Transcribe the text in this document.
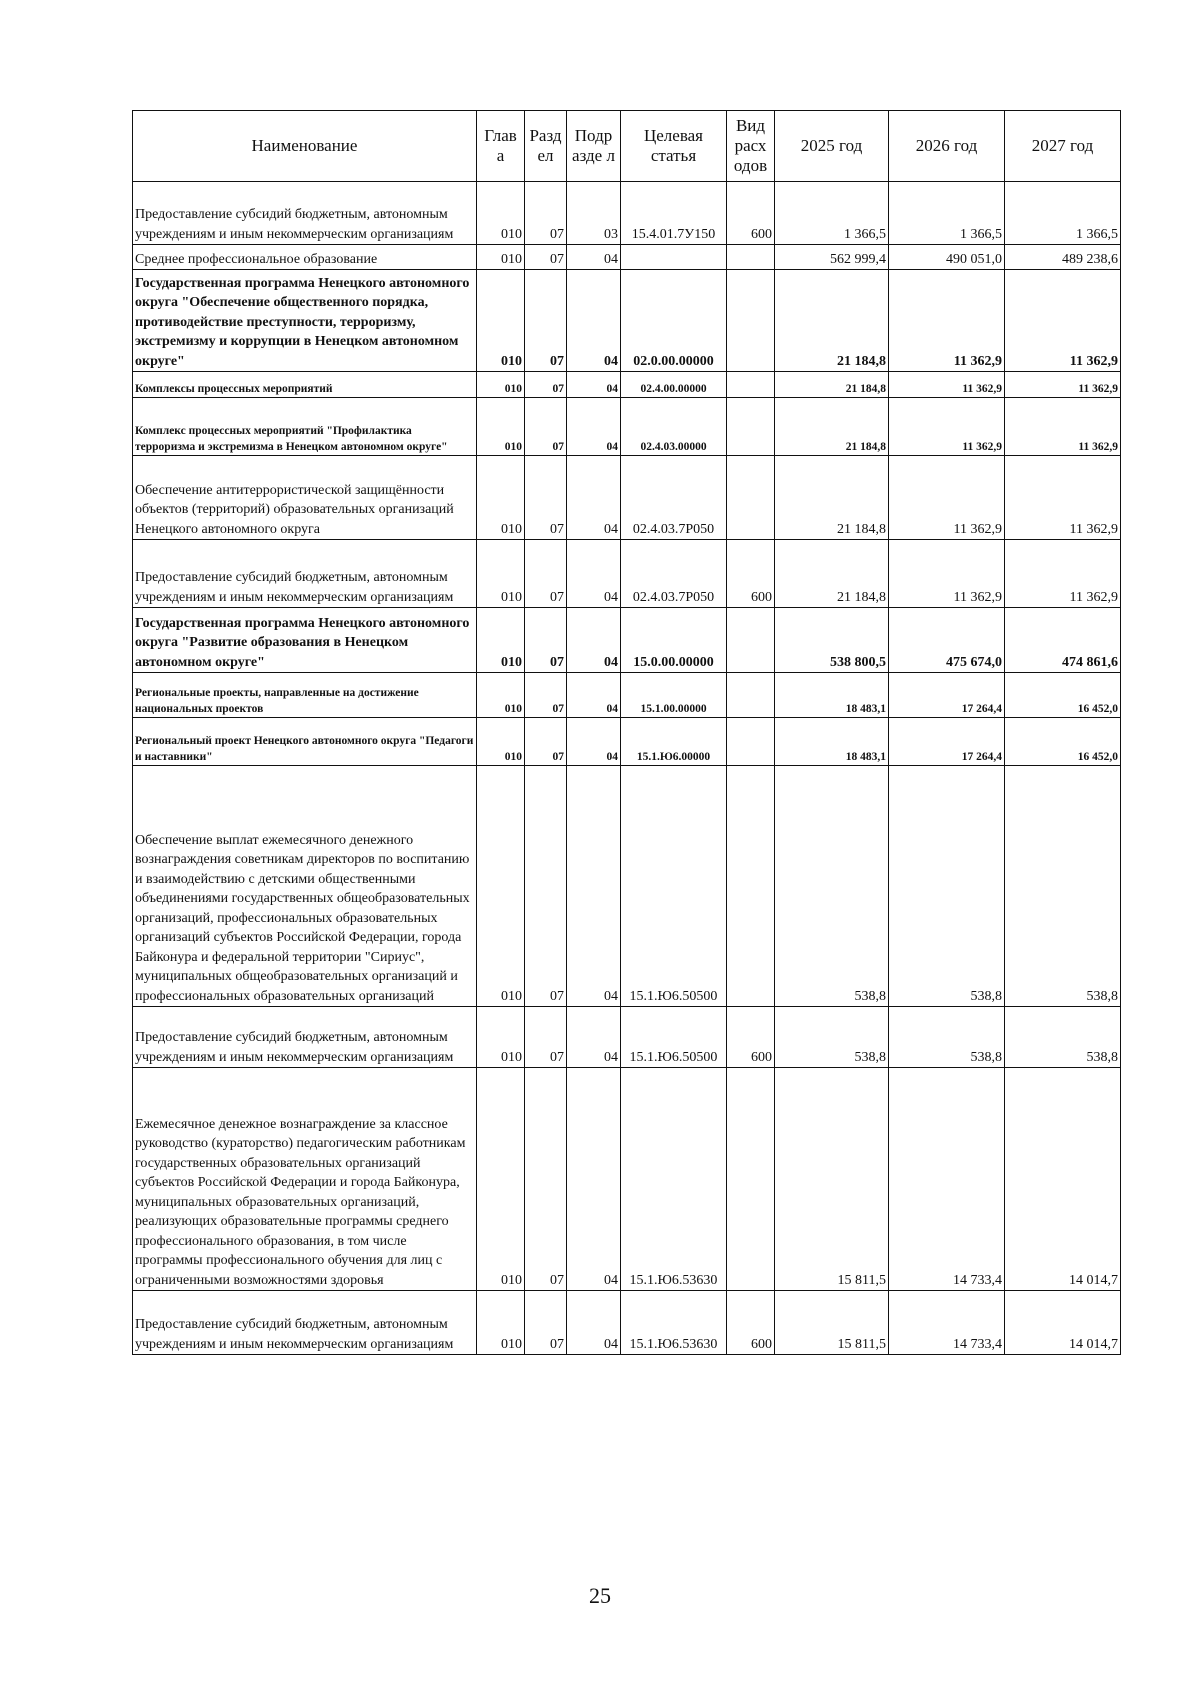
Наименование	Глав а	Разд ел	Подр азде л	Целевая статья	Вид расх одов	2025 год	2026 год	2027 год
Предоставление субсидий бюджетным, автономным учреждениям и иным некоммерческим организациям	010	07	03	15.4.01.7У150	600	1 366,5	1 366,5	1 366,5
Среднее профессиональное образование	010	07	04			562 999,4	490 051,0	489 238,6
Государственная программа Ненецкого автономного округа "Обеспечение общественного порядка, противодействие преступности, терроризму, экстремизму и коррупции в Ненецком автономном округе"	010	07	04	02.0.00.00000		21 184,8	11 362,9	11 362,9
Комплексы процессных мероприятий	010	07	04	02.4.00.00000		21 184,8	11 362,9	11 362,9
Комплекс процессных мероприятий "Профилактика терроризма и экстремизма в Ненецком автономном округе"	010	07	04	02.4.03.00000		21 184,8	11 362,9	11 362,9
Обеспечение антитеррористической защищённости объектов (территорий) образовательных организаций Ненецкого автономного округа	010	07	04	02.4.03.7Р050		21 184,8	11 362,9	11 362,9
Предоставление субсидий бюджетным, автономным учреждениям и иным некоммерческим организациям	010	07	04	02.4.03.7Р050	600	21 184,8	11 362,9	11 362,9
Государственная программа Ненецкого автономного округа "Развитие образования в Ненецком автономном округе"	010	07	04	15.0.00.00000		538 800,5	475 674,0	474 861,6
Региональные проекты, направленные на достижение национальных проектов	010	07	04	15.1.00.00000		18 483,1	17 264,4	16 452,0
Региональный проект Ненецкого автономного округа "Педагоги и наставники"	010	07	04	15.1.Ю6.00000		18 483,1	17 264,4	16 452,0
Обеспечение выплат ежемесячного денежного вознаграждения советникам директоров по воспитанию и взаимодействию с детскими общественными объединениями государственных общеобразовательных организаций, профессиональных образовательных организаций субъектов Российской Федерации, города Байконура и федеральной территории "Сириус", муниципальных общеобразовательных организаций и профессиональных образовательных организаций	010	07	04	15.1.Ю6.50500		538,8	538,8	538,8
Предоставление субсидий бюджетным, автономным учреждениям и иным некоммерческим организациям	010	07	04	15.1.Ю6.50500	600	538,8	538,8	538,8
Ежемесячное денежное вознаграждение за классное руководство (кураторство) педагогическим работникам государственных образовательных организаций субъектов Российской Федерации и города Байконура, муниципальных образовательных организаций, реализующих образовательные программы среднего профессионального образования, в том числе программы профессионального обучения для лиц с ограниченными возможностями здоровья	010	07	04	15.1.Ю6.53630		15 811,5	14 733,4	14 014,7
Предоставление субсидий бюджетным, автономным учреждениям и иным некоммерческим организациям	010	07	04	15.1.Ю6.53630	600	15 811,5	14 733,4	14 014,7
25
